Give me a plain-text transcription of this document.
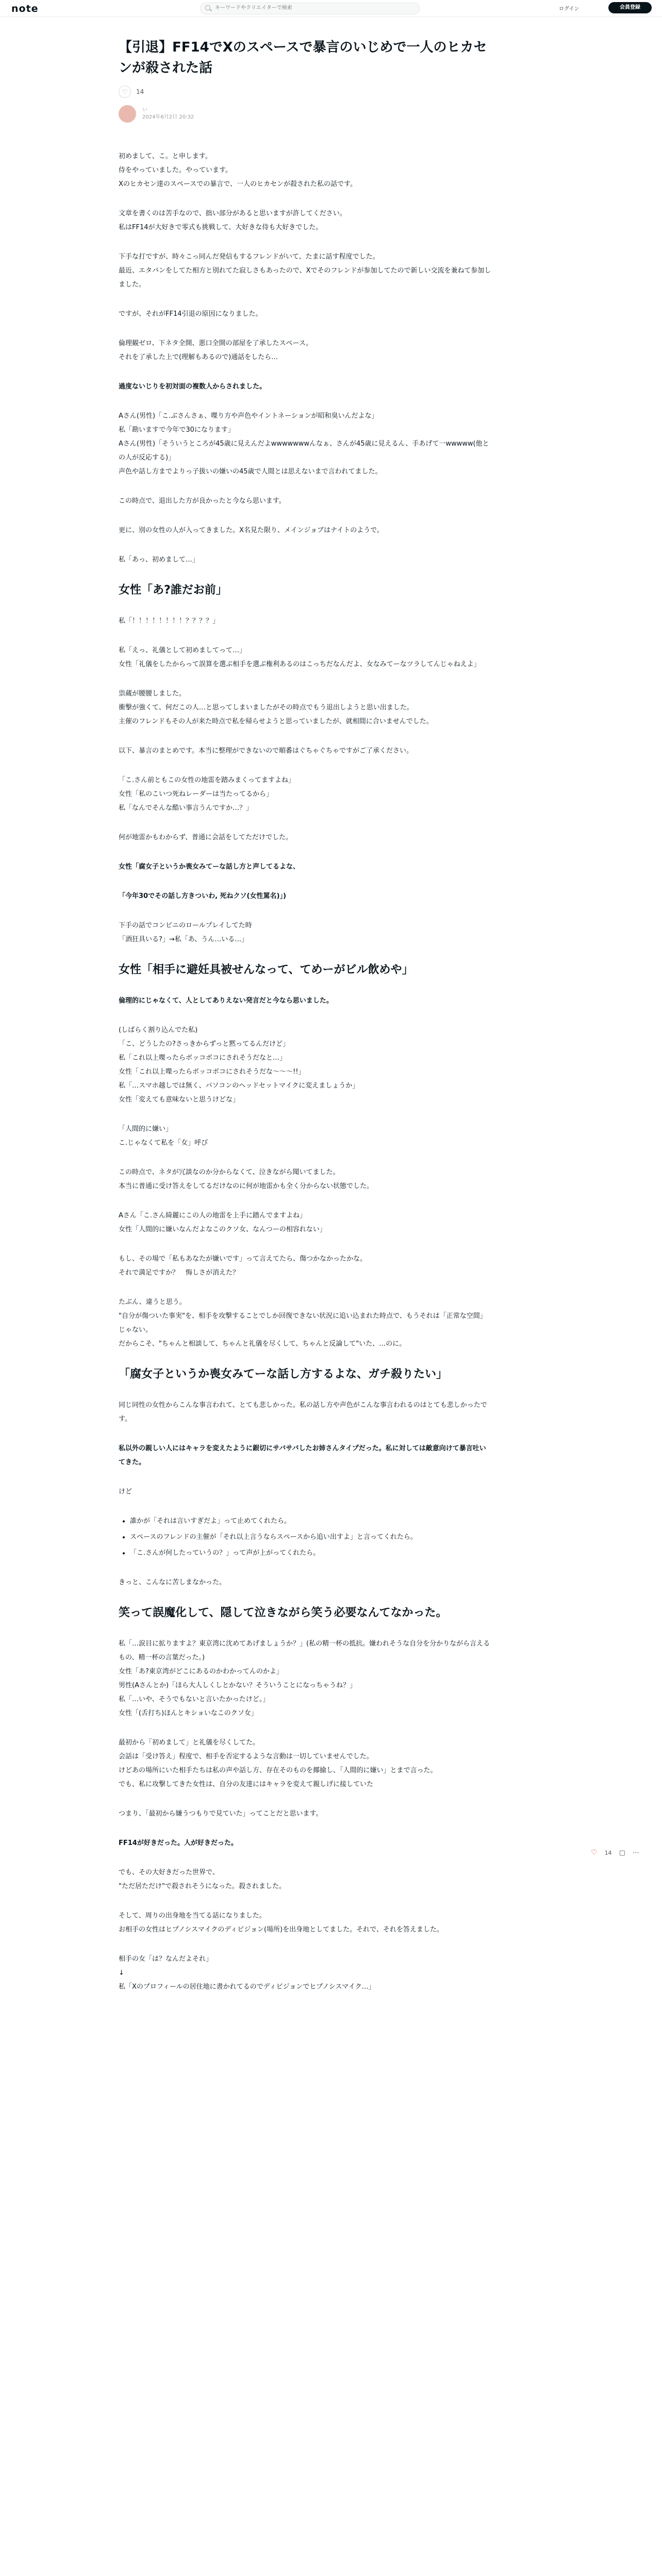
note
キーワードやクリエイターで検索	ログイン	会員登録
【引退】FF14でXのスペースで暴言のいじめで一人のヒカセンが殺された話
♡	14
い
2024年6月2日 20:32

初めまして、こ。と申します。
侍をやっていました。やっています。
Xのヒカセン達のスペースでの暴言で、一人のヒカセンが殺された私の話です。

文章を書くのは苦手なので、拙い部分があると思いますが許してください。
私はFF14が大好きで零式も挑戦して、大好きな侍も大好きでした。

下手な打ですが、時々こっ同んだ発信もするフレンドがいて、たまに話す程度でした。
最近、エタバンをしてた相方と別れてた寂しさもあったので、Xでそのフレンドが参加してたので新しい交流を兼ねて参加しました。

ですが、それがFF14引退の原因になりました。

倫理観ゼロ、下ネタ全開、悪口全開の部屋を了承したスペース。
それを了承した上で(理解もあるので)通話をしたら…

過度ないじりを初対面の複数人からされました。

Aさん(男性)「こ.ぶさんさぁ、喋り方や声色やイントネーションが昭和臭いんだよな」
私「勘いますで今年で30になります」
Aさん(男性)「そういうところが45歳に見えんだよwwwwwwwんなぁ、さんが45歳に見えるん、手あげて一wwwww(他との人が反応する)」
声色や話し方までよりっ子扱いの嫌いの45歳で人間とは思えないまで言われてました。

この時点で、退出した方が良かったと今なら思います。

更に、別の女性の人が入ってきました。X名見た限り、メインジョブはナイトのようで。

私「あっ、初めまして…」

女性「あ?誰だお前」

私「！！！！！！！！？？？？」

私「えっ、礼儀として初めましてって…」
女性「礼儀をしたからって誤算を選ぶ相手を選ぶ権利あるのはこっちだなんだよ、女なみてーなツラしてんじゃねえよ」

祟蔵が腰腰しました。
衝撃が強くて、何だこの人…と思ってしまいましたがその時点でもう退出しようと思い出ました。
主催のフレンドもその人が来た時点で私を帰らせようと思っていましたが、就相間に合いませんでした。

以下、暴言のまとめです。本当に整理ができないので順番はぐちゃぐちゃですがご了承ください。

「こ.さん前ともこの女性の地雷を踏みまくってますよね」
女性「私のこいつ死ねレーダーは当たってるから」
私「なんでそんな酷い事言うんですか…？」

何が地雷かもわからず、普通に会話をしてただけでした。

女性「腐女子というか喪女みてーな話し方と声してるよな、

「今年30でその話し方きついわ, 死ねクソ(女性罵名)」)

下手の話でコンビニのロールプレイしてた時
「酒狂具いる?」→私「あ、うん…いる…」

女性「相手に避妊具被せんなって、てめーがビル飲めや」

倫理的にじゃなくて、人としてありえない発言だと今なら思いました。

(しばらく割り込んでた私)
「こ、どうしたの?さっきからずっと黙ってるんだけど」
私「これ以上喋ったらボッコボコにされそうだなと…」
女性「これ以上喋ったらボッコボコにされそうだな〜〜〜!!」
私「…スマホ越しでは無く、パソコンのヘッドセットマイクに変えましょうか」
女性「変えても意味ないと思うけどな」

「人間的に嫌い」
こ.じゃなくて私を「女」呼び

この時点で、ネタが冗談なのか分からなくて、泣きながら聞いてました。
本当に普通に受け答えをしてるだけなのに何が地雷かも全く分からない状態でした。

Aさん「こ.さん綺麗にこの人の地雷を上手に踏んでますよね」
女性「人間的に嫌いなんだよなこのクソ女、なんつーの相容れない」

もし、その場で「私もあなたが嫌いです」って言えてたら、傷つかなかったかな。
それで満足ですか？　悔しさが消えた？

たぶん、違うと思う。
"自分が傷ついた事実"を、相手を攻撃することでしか回復できない状況に追い込まれた時点で、もうそれは「正常な空間」じゃない。
だからこそ、"ちゃんと相談して、ちゃんと礼儀を尽くして、ちゃんと反論して"いた、…のに。

「腐女子というか喪女みてーな話し方するよな、ガチ殺りたい」

同じ同性の女性からこんな事言われて、とても悲しかった。私の話し方や声色がこんな事言われるのはとても悲しかったです。

私以外の親しい人にはキャラを変えたように銀切にサバサバしたお姉さんタイプだった。私に対しては敵意向けて暴言吐いてきた。

けど

• 誰かが「それは言いすぎだよ」って止めてくれたら。
• スペースのフレンドの主催が「それ以上言うならスペースから追い出すよ」と言ってくれたら。
• 「こ.さんが何したっていうの？」って声が上がってくれたら。

きっと、こんなに苦しまなかった。

笑って誤魔化して、隠して泣きながら笑う必要なんてなかった。

私「…涙目に拡りますよ？東京湾に沈めてあげましょうか？」(私の精一杯の抵抗。嫌われそうな自分を分かりながら言えるもの、精一杯の言葉だった。)
女性「あ?東京湾がどこにあるのかわかってんのかよ」
男性(Aさんとか)「ほら大人しくしとかない？そういうことになっちゃうね？」
私「…いや、そうでもないと言いたかったけど。」
女性「(舌打ち)ほんとキショいなこのクソ女」

最初から「初めまして」と礼儀を尽くしてた。
会話は「受け答え」程度で、相手を否定するような言動は一切していませんでした。
けどあの場所にいた相手たちは私の声や話し方、存在そのものを揶揄し、「人間的に嫌い」とまで言った。
でも、私に攻撃してきた女性は、自分の友達にはキャラを変えて親しげに接していた

つまり、「最初から嫌うつもりで見ていた」ってことだと思います。

FF14が好きだった。人が好きだった。

でも、その大好きだった世界で、
"ただ居ただけ"で殺されそうになった。殺されました。

そして、周りの出身地を当てる話になりました。
お相手の女性はヒプノシスマイクのディビジョン(場所)を出身地としてました。それで、それを答えました。

相手の女「は？なんだよそれ」
↓
私「Xのプロフィールの居住地に書かれてるのでディビジョンでヒプノシスマイク…」

♡ 14 ▢ ⋯
